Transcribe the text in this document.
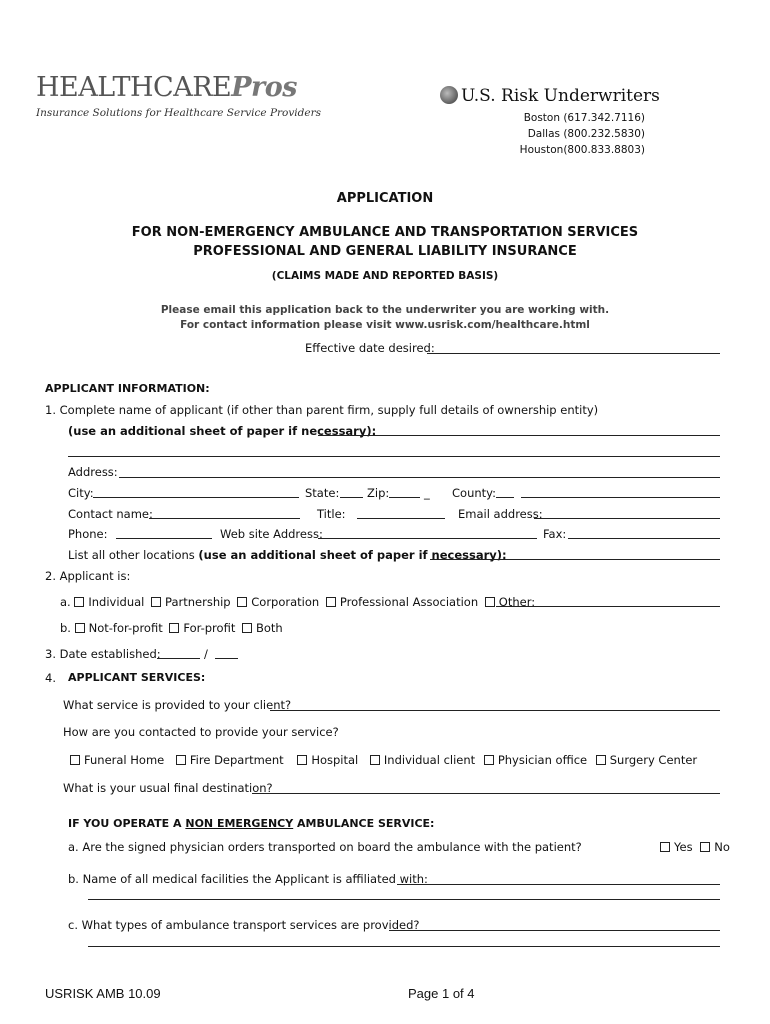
HEALTHCAREPros
Insurance Solutions for Healthcare Service Providers
U.S. Risk Underwriters
Boston (617.342.7116)
Dallas (800.232.5830)
Houston(800.833.8803)
APPLICATION
FOR NON-EMERGENCY AMBULANCE AND TRANSPORTATION SERVICES
PROFESSIONAL AND GENERAL LIABILITY INSURANCE
(CLAIMS MADE AND REPORTED BASIS)
Please email this application back to the underwriter you are working with.
For contact information please visit www.usrisk.com/healthcare.html
Effective date desired:
APPLICANT INFORMATION:
1. Complete name of applicant (if other than parent firm, supply full details of ownership entity)
(use an additional sheet of paper if necessary):
Address:
City:	State: Zip:	_ County:
Contact name:	Title:	Email address:
Phone:	Web site Address:	Fax:
List all other locations (use an additional sheet of paper if necessary):
2. Applicant is:
a. Individual Partnership Corporation Professional Association Other:
b. Not-for-profit For-profit Both
3. Date established:	/
4. APPLICANT SERVICES:
What service is provided to your client?
How are you contacted to provide your service?
Funeral Home Fire Department Hospital Individual client Physician office Surgery Center
What is your usual final destination?
IF YOU OPERATE A NON EMERGENCY AMBULANCE SERVICE:
a. Are the signed physician orders transported on board the ambulance with the patient?	Yes No
b. Name of all medical facilities the Applicant is affiliated with:
c. What types of ambulance transport services are provided?
USRISK AMB 10.09	Page 1 of 4
